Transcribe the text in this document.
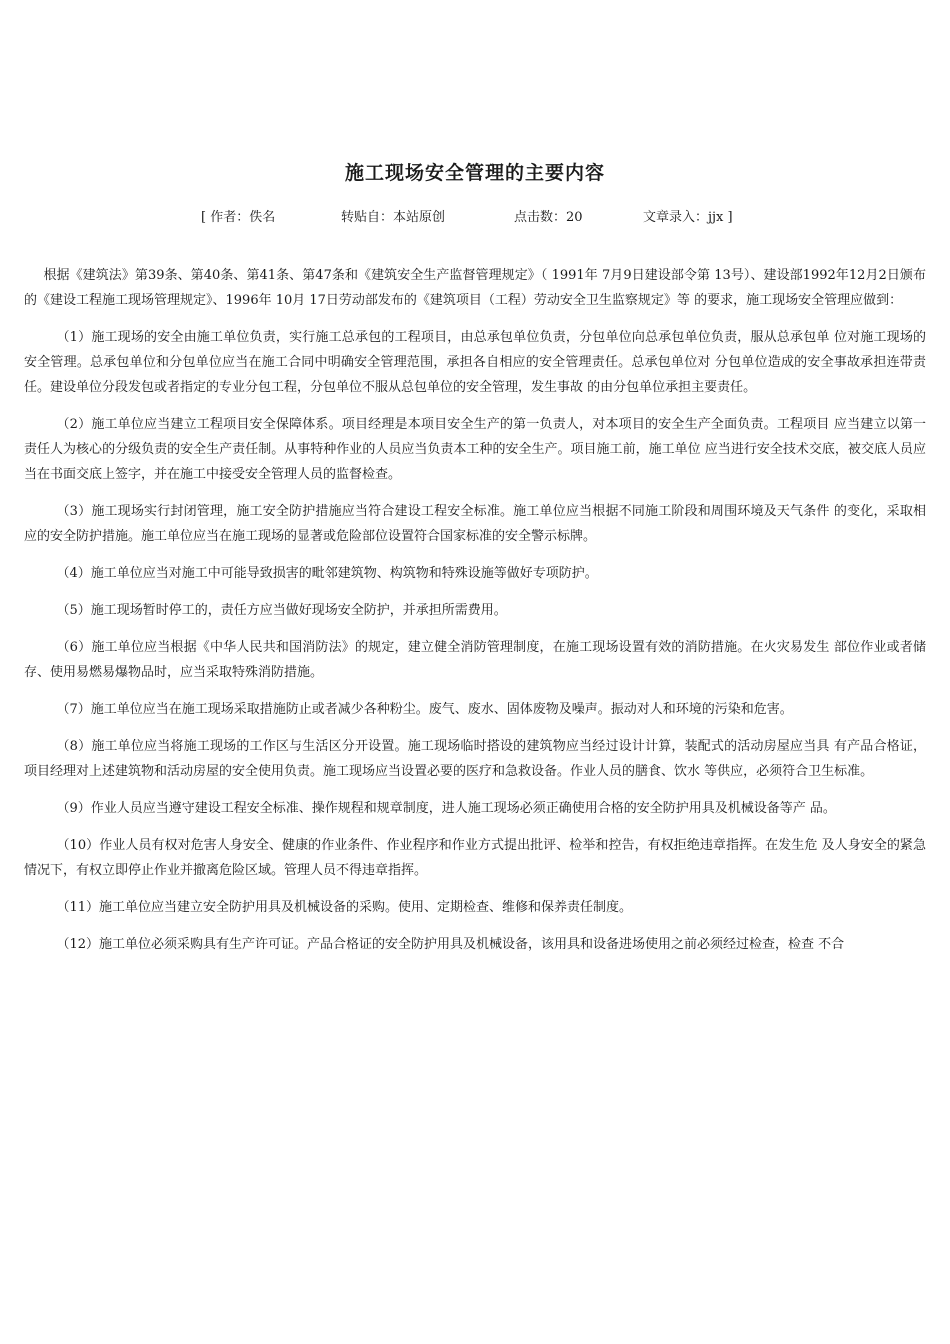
施工现场安全管理的主要内容
[ 作者：佚名	转贴自：本站原创	点击数：20	文章录入：jjx ]

根据《建筑法》第39条、第40条、第41条、第47条和《建筑安全生产监督管理规定》（ 1991年 7月9日建设部令第 13号）、建设部1992年12月2日颁布的《建设工程施工现场管理规定》、1996年 10月 17日劳动部发布的《建筑项目（工程）劳动安全卫生监察规定》等 的要求，施工现场安全管理应做到：

（1）施工现场的安全由施工单位负责，实行施工总承包的工程项目，由总承包单位负责，分包单位向总承包单位负责，服从总承包单 位对施工现场的安全管理。总承包单位和分包单位应当在施工合同中明确安全管理范围，承担各自相应的安全管理责任。总承包单位对 分包单位造成的安全事故承担连带责任。建设单位分段发包或者指定的专业分包工程，分包单位不服从总包单位的安全管理，发生事故 的由分包单位承担主要责任。

（2）施工单位应当建立工程项目安全保障体系。项目经理是本项目安全生产的第一负责人，对本项目的安全生产全面负责。工程项目 应当建立以第一责任人为核心的分级负责的安全生产责任制。从事特种作业的人员应当负责本工种的安全生产。项目施工前，施工单位 应当进行安全技术交底，被交底人员应当在书面交底上签字，并在施工中接受安全管理人员的监督检查。

（3）施工现场实行封闭管理，施工安全防护措施应当符合建设工程安全标准。施工单位应当根据不同施工阶段和周围环境及天气条件 的变化，采取相应的安全防护措施。施工单位应当在施工现场的显著或危险部位设置符合国家标准的安全警示标牌。

（4）施工单位应当对施工中可能导致损害的毗邻建筑物、构筑物和特殊设施等做好专项防护。

（5）施工现场暂时停工的，责任方应当做好现场安全防护，并承担所需费用。

（6）施工单位应当根据《中华人民共和国消防法》的规定，建立健全消防管理制度，在施工现场设置有效的消防措施。在火灾易发生 部位作业或者储存、使用易燃易爆物品时，应当采取特殊消防措施。

（7）施工单位应当在施工现场采取措施防止或者减少各种粉尘。废气、废水、固体废物及噪声。振动对人和环境的污染和危害。

（8）施工单位应当将施工现场的工作区与生活区分开设置。施工现场临时搭设的建筑物应当经过设计计算，装配式的活动房屋应当具 有产品合格证，项目经理对上述建筑物和活动房屋的安全使用负责。施工现场应当设置必要的医疗和急救设备。作业人员的膳食、饮水 等供应，必须符合卫生标准。

（9）作业人员应当遵守建设工程安全标准、操作规程和规章制度，进人施工现场必须正确使用合格的安全防护用具及机械设备等产 品。

（10）作业人员有权对危害人身安全、健康的作业条件、作业程序和作业方式提出批评、检举和控告，有权拒绝违章指挥。在发生危 及人身安全的紧急情况下，有权立即停止作业并撤离危险区域。管理人员不得违章指挥。

（11）施工单位应当建立安全防护用具及机械设备的采购。使用、定期检查、维修和保养责任制度。

（12）施工单位必须采购具有生产许可证。产品合格证的安全防护用具及机械设备，该用具和设备进场使用之前必须经过检查，检查 不合
